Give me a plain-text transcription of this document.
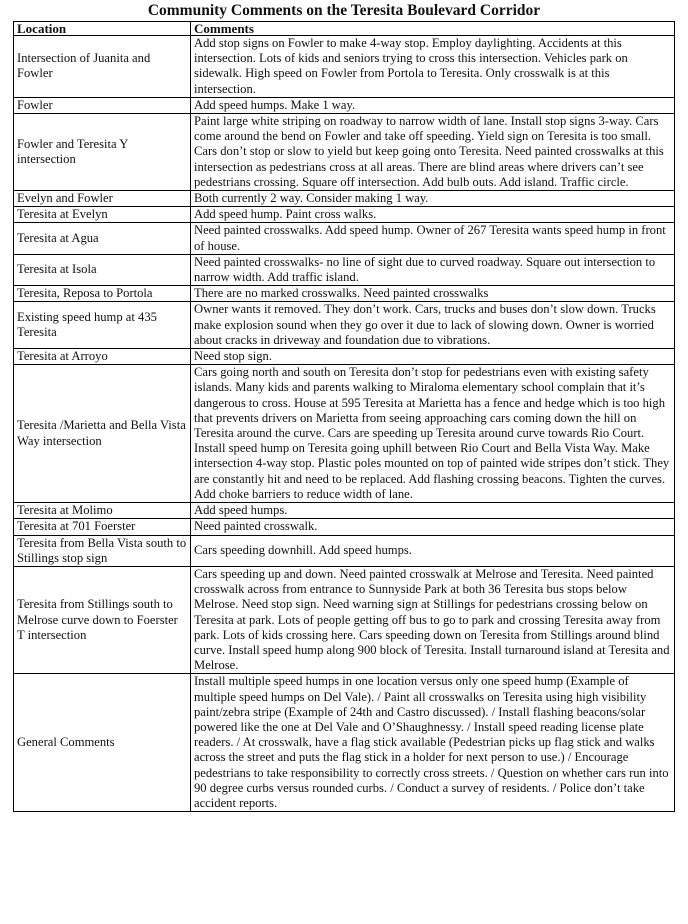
Community Comments on the Teresita Boulevard Corridor
Location	Comments
Intersection of Juanita and Fowler	Add stop signs on Fowler to make 4-way stop. Employ daylighting. Accidents at this intersection. Lots of kids and seniors trying to cross this intersection. Vehicles park on sidewalk. High speed on Fowler from Portola to Teresita. Only crosswalk is at this intersection.
Fowler	Add speed humps. Make 1 way.
Fowler and Teresita Y intersection	Paint large white striping on roadway to narrow width of lane. Install stop signs 3-way. Cars come around the bend on Fowler and take off speeding. Yield sign on Teresita is too small. Cars don’t stop or slow to yield but keep going onto Teresita. Need painted crosswalks at this intersection as pedestrians cross at all areas. There are blind areas where drivers can’t see pedestrians crossing. Square off intersection. Add bulb outs. Add island. Traffic circle.
Evelyn and Fowler	Both currently 2 way. Consider making 1 way.
Teresita at Evelyn	Add speed hump. Paint cross walks.
Teresita at Agua	Need painted crosswalks. Add speed hump. Owner of 267 Teresita wants speed hump in front of house.
Teresita at Isola	Need painted crosswalks- no line of sight due to curved roadway. Square out intersection to narrow width. Add traffic island.
Teresita, Reposa to Portola	There are no marked crosswalks. Need painted crosswalks
Existing speed hump at 435 Teresita	Owner wants it removed. They don’t work. Cars, trucks and buses don’t slow down. Trucks make explosion sound when they go over it due to lack of slowing down. Owner is worried about cracks in driveway and foundation due to vibrations.
Teresita at Arroyo	Need stop sign.
Teresita /Marietta and Bella Vista Way intersection	Cars going north and south on Teresita don’t stop for pedestrians even with existing safety islands. Many kids and parents walking to Miraloma elementary school complain that it’s dangerous to cross. House at 595 Teresita at Marietta has a fence and hedge which is too high that prevents drivers on Marietta from seeing approaching cars coming down the hill on Teresita around the curve. Cars are speeding up Teresita around curve towards Rio Court. Install speed hump on Teresita going uphill between Rio Court and Bella Vista Way. Make intersection 4-way stop. Plastic poles mounted on top of painted wide stripes don’t stick. They are constantly hit and need to be replaced. Add flashing crossing beacons. Tighten the curves. Add choke barriers to reduce width of lane.
Teresita at Molimo	Add speed humps.
Teresita at 701 Foerster	Need painted crosswalk.
Teresita from Bella Vista south to Stillings stop sign	Cars speeding downhill. Add speed humps.
Teresita from Stillings south to Melrose curve down to Foerster T intersection	Cars speeding up and down. Need painted crosswalk at Melrose and Teresita. Need painted crosswalk across from entrance to Sunnyside Park at both 36 Teresita bus stops below Melrose. Need stop sign. Need warning sign at Stillings for pedestrians crossing below on Teresita at park. Lots of people getting off bus to go to park and crossing Teresita away from park. Lots of kids crossing here. Cars speeding down on Teresita from Stillings around blind curve. Install speed hump along 900 block of Teresita. Install turnaround island at Teresita and Melrose.
General Comments	Install multiple speed humps in one location versus only one speed hump (Example of multiple speed humps on Del Vale). / Paint all crosswalks on Teresita using high visibility paint/zebra stripe (Example of 24th and Castro discussed). / Install flashing beacons/solar powered like the one at Del Vale and O’Shaughnessy. / Install speed reading license plate readers. / At crosswalk, have a flag stick available (Pedestrian picks up flag stick and walks across the street and puts the flag stick in a holder for next person to use.) / Encourage pedestrians to take responsibility to correctly cross streets. / Question on whether cars run into 90 degree curbs versus rounded curbs. / Conduct a survey of residents. / Police don’t take accident reports.
